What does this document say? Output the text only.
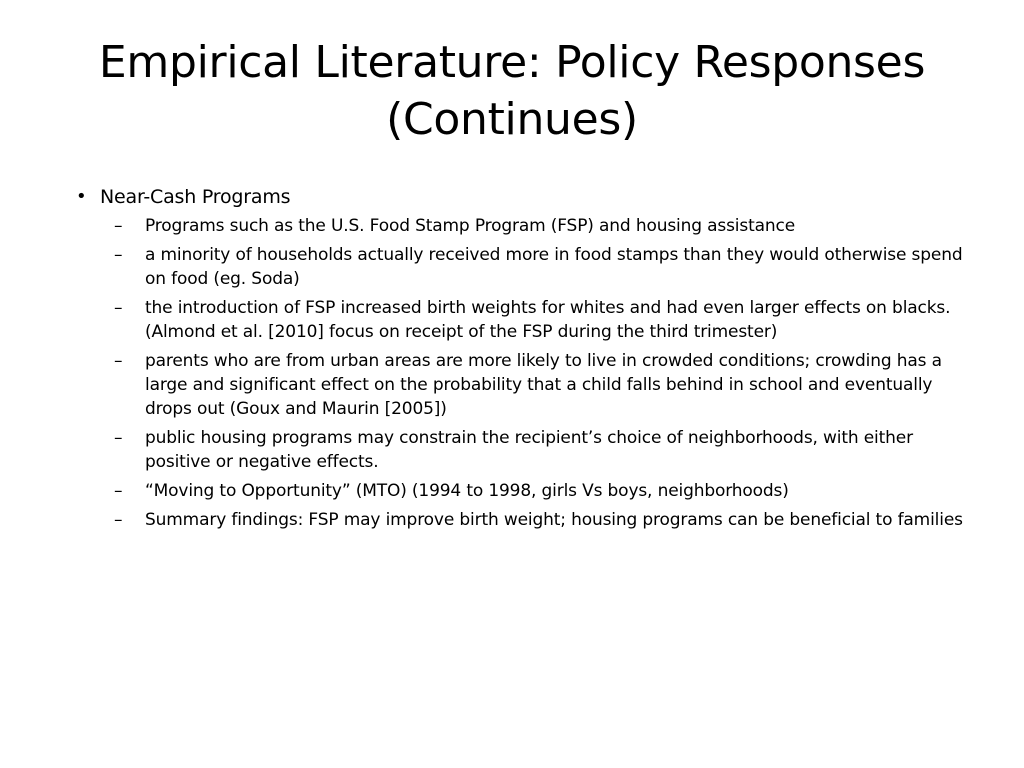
Empirical Literature: Policy Responses
(Continues)
• Near-Cash Programs
– Programs such as the U.S. Food Stamp Program (FSP) and housing assistance
– a minority of households actually received more in food stamps than they would otherwise spend on food (eg. Soda)
– the introduction of FSP increased birth weights for whites and had even larger effects on blacks. (Almond et al. [2010] focus on receipt of the FSP during the third trimester)
– parents who are from urban areas are more likely to live in crowded conditions; crowding has a large and significant effect on the probability that a child falls behind in school and eventually drops out (Goux and Maurin [2005])
– public housing programs may constrain the recipient’s choice of neighborhoods, with either positive or negative effects.
– “Moving to Opportunity” (MTO) (1994 to 1998, girls Vs boys, neighborhoods)
– Summary findings: FSP may improve birth weight; housing programs can be beneficial to families
